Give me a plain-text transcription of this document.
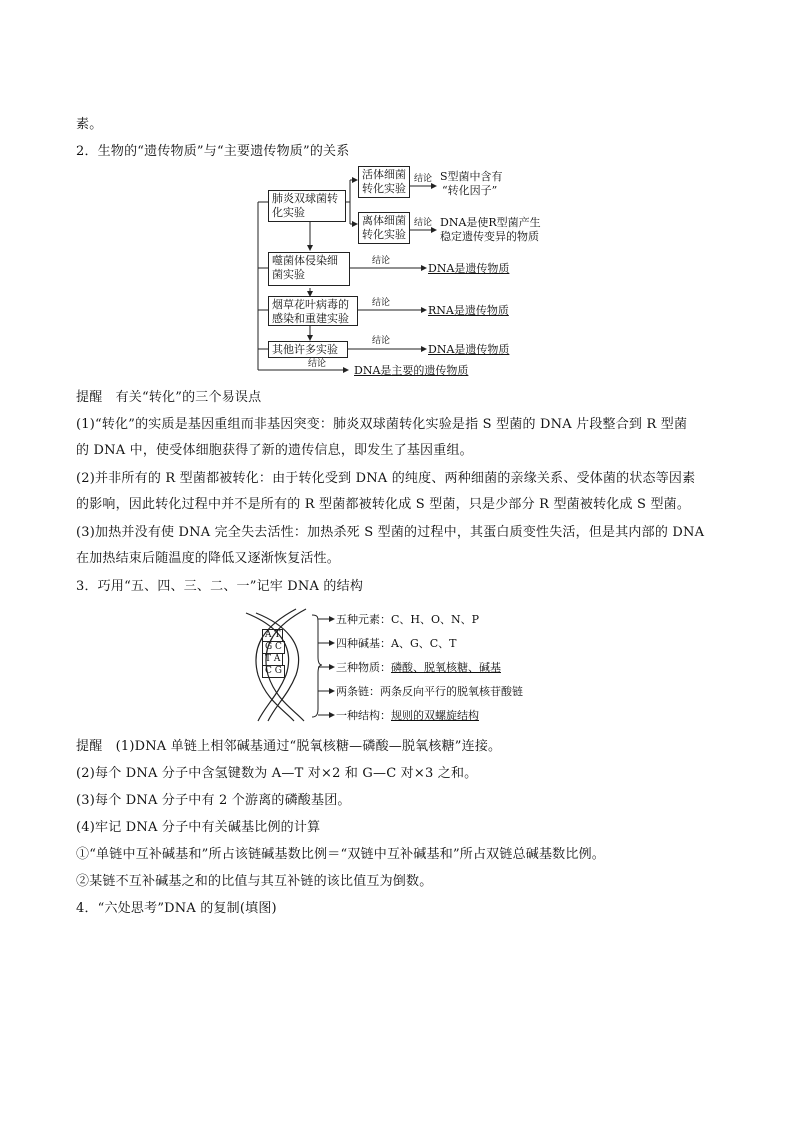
素。
2．生物的“遗传物质”与“主要遗传物质”的关系
肺炎双球菌转化实验
活体细菌转化实验
离体细菌转化实验
结论
结论
S型菌中含有
“转化因子”
DNA是使R型菌产生
稳定遗传变异的物质
噬菌体侵染细菌实验
结论
DNA是遗传物质
烟草花叶病毒的感染和重建实验
结论
RNA是遗传物质
其他许多实验
结论
DNA是遗传物质
结论	DNA是主要的遗传物质
提醒　有关“转化”的三个易误点
(1)“转化”的实质是基因重组而非基因突变：肺炎双球菌转化实验是指 S 型菌的 DNA 片段整合到 R 型菌
的 DNA 中，使受体细胞获得了新的遗传信息，即发生了基因重组。
(2)并非所有的 R 型菌都被转化：由于转化受到 DNA 的纯度、两种细菌的亲缘关系、受体菌的状态等因素
的影响，因此转化过程中并不是所有的 R 型菌都被转化成 S 型菌，只是少部分 R 型菌被转化成 S 型菌。
(3)加热并没有使 DNA 完全失去活性：加热杀死 S 型菌的过程中，其蛋白质变性失活，但是其内部的 DNA
在加热结束后随温度的降低又逐渐恢复活性。
3．巧用“五、四、三、二、一”记牢 DNA 的结构
A T
G C
T A
C G
五种元素：C、H、O、N、P
四种碱基：A、G、C、T
三种物质：磷酸、脱氧核糖、碱基
两条链：两条反向平行的脱氧核苷酸链
一种结构：规则的双螺旋结构
提醒　(1)DNA 单链上相邻碱基通过“脱氧核糖—磷酸—脱氧核糖”连接。
(2)每个 DNA 分子中含氢键数为 A—T 对×2 和 G—C 对×3 之和。
(3)每个 DNA 分子中有 2 个游离的磷酸基团。
(4)牢记 DNA 分子中有关碱基比例的计算
①“单链中互补碱基和”所占该链碱基数比例＝“双链中互补碱基和”所占双链总碱基数比例。
②某链不互补碱基之和的比值与其互补链的该比值互为倒数。
4．“六处思考”DNA 的复制(填图)
